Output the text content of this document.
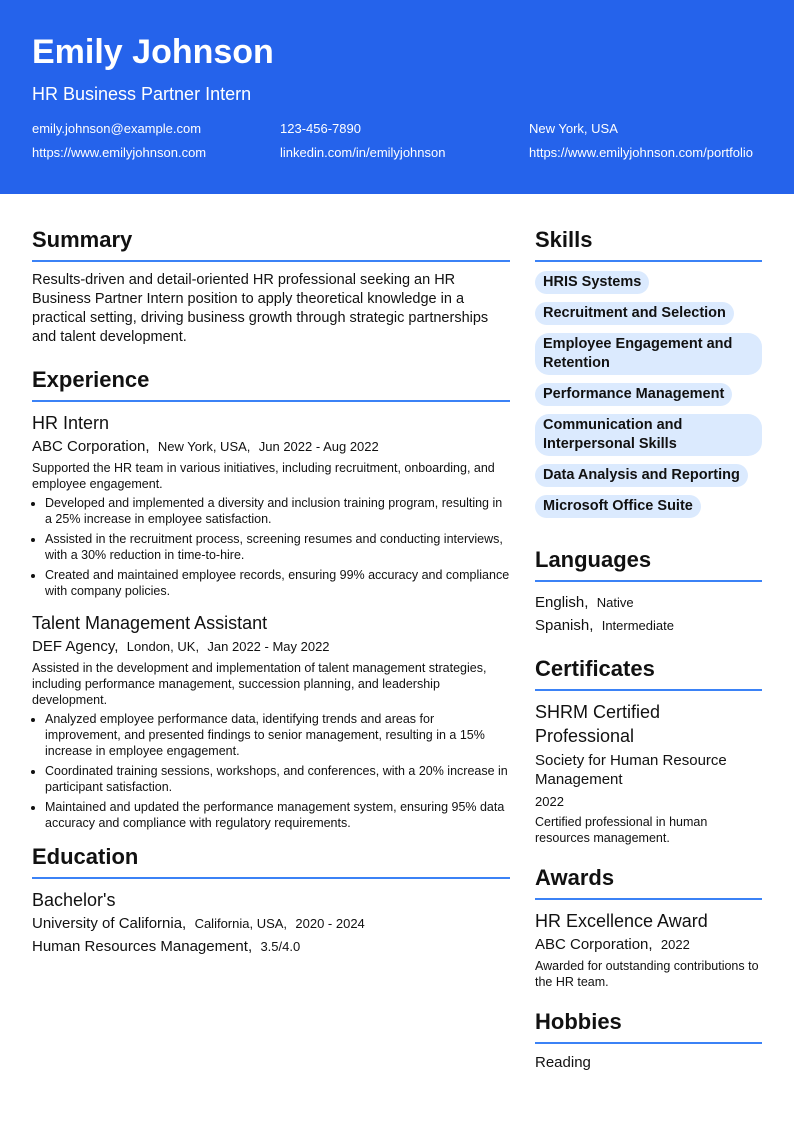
Emily Johnson
HR Business Partner Intern
emily.johnson@example.com	123-456-7890	New York, USA
https://www.emilyjohnson.com	linkedin.com/in/emilyjohnson	https://www.emilyjohnson.com/portfolio
Summary
Results-driven and detail-oriented HR professional seeking an HR Business Partner Intern position to apply theoretical knowledge in a practical setting, driving business growth through strategic partnerships and talent development.
Experience
HR Intern
ABC Corporation, New York, USA, Jun 2022 - Aug 2022
Supported the HR team in various initiatives, including recruitment, onboarding, and employee engagement.
• Developed and implemented a diversity and inclusion training program, resulting in a 25% increase in employee satisfaction.
• Assisted in the recruitment process, screening resumes and conducting interviews, with a 30% reduction in time-to-hire.
• Created and maintained employee records, ensuring 99% accuracy and compliance with company policies.
Talent Management Assistant
DEF Agency, London, UK, Jan 2022 - May 2022
Assisted in the development and implementation of talent management strategies, including performance management, succession planning, and leadership development.
• Analyzed employee performance data, identifying trends and areas for improvement, and presented findings to senior management, resulting in a 15% increase in employee engagement.
• Coordinated training sessions, workshops, and conferences, with a 20% increase in participant satisfaction.
• Maintained and updated the performance management system, ensuring 95% data accuracy and compliance with regulatory requirements.
Education
Bachelor's
University of California, California, USA, 2020 - 2024
Human Resources Management, 3.5/4.0
Skills
HRIS Systems
Recruitment and Selection
Employee Engagement and Retention
Performance Management
Communication and Interpersonal Skills
Data Analysis and Reporting
Microsoft Office Suite
Languages
English, Native
Spanish, Intermediate
Certificates
SHRM Certified Professional
Society for Human Resource Management
2022
Certified professional in human resources management.
Awards
HR Excellence Award
ABC Corporation, 2022
Awarded for outstanding contributions to the HR team.
Hobbies
Reading
